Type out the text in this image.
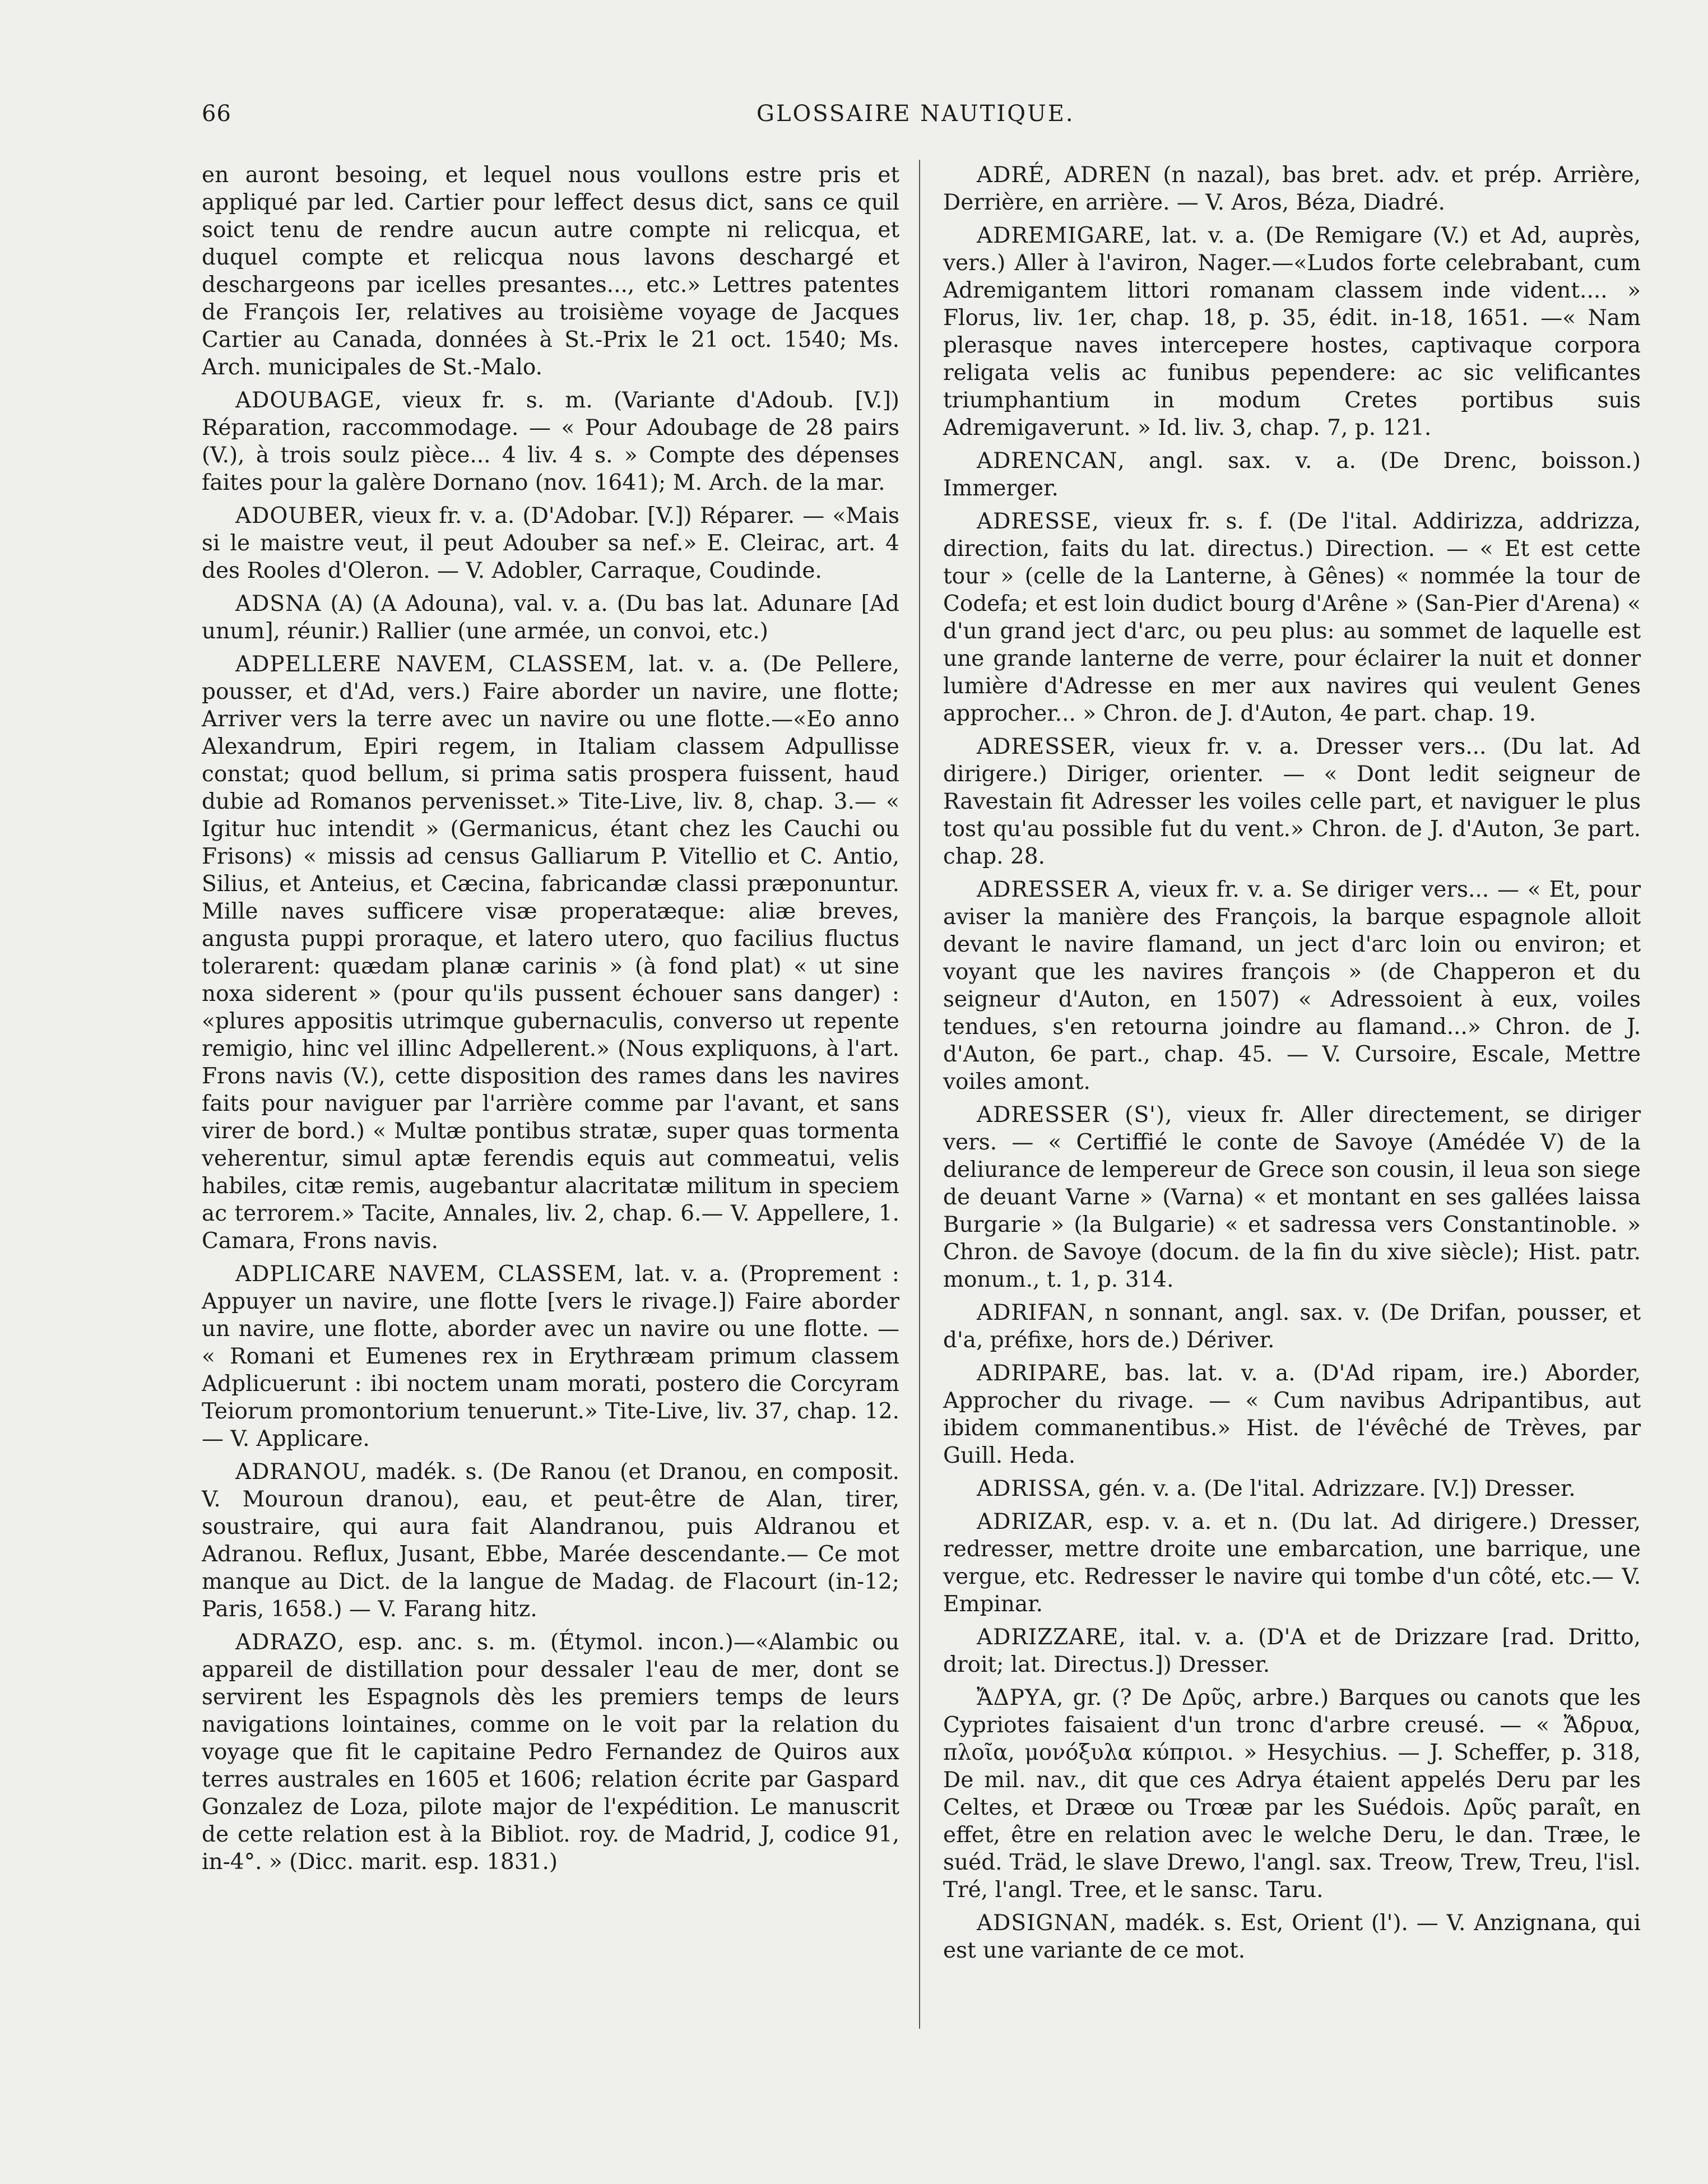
66	GLOSSAIRE NAUTIQUE.

en auront besoing, et lequel nous voullons estre pris et appliqué par led. Cartier pour leffect desus dict, sans ce quil soict tenu de rendre aucun autre compte ni relicqua, et duquel compte et relicqua nous lavons deschargé et deschargeons par icelles presantes..., etc.» Lettres patentes de François Ier, relatives au troisième voyage de Jacques Cartier au Canada, données à St.-Prix le 21 oct. 1540; Ms. Arch. municipales de St.-Malo.

ADOUBAGE, vieux fr. s. m. (Variante d'Adoub. [V.]) Réparation, raccommodage. — « Pour Adoubage de 28 pairs (V.), à trois soulz pièce... 4 liv. 4 s. » Compte des dépenses faites pour la galère Dornano (nov. 1641); M. Arch. de la mar.

ADOUBER, vieux fr. v. a. (D'Adobar. [V.]) Réparer. — «Mais si le maistre veut, il peut Adouber sa nef.» E. Cleirac, art. 4 des Rooles d'Oleron. — V. Adobler, Carraque, Coudinde.

ADSNA (A) (A Adouna), val. v. a. (Du bas lat. Adunare [Ad unum], réunir.) Rallier (une armée, un convoi, etc.)

ADPELLERE NAVEM, CLASSEM, lat. v. a. (De Pellere, pousser, et d'Ad, vers.) Faire aborder un navire, une flotte; Arriver vers la terre avec un navire ou une flotte.—«Eo anno Alexandrum, Epiri regem, in Italiam classem Adpullisse constat; quod bellum, si prima satis prospera fuissent, haud dubie ad Romanos pervenisset.» Tite-Live, liv. 8, chap. 3.— « Igitur huc intendit » (Germanicus, étant chez les Cauchi ou Frisons) « missis ad census Galliarum P. Vitellio et C. Antio, Silius, et Anteius, et Cæcina, fabricandæ classi præponuntur. Mille naves sufficere visæ properatæque: aliæ breves, angusta puppi proraque, et latero utero, quo facilius fluctus tolerarent: quædam planæ carinis » (à fond plat) « ut sine noxa siderent » (pour qu'ils pussent échouer sans danger) : «plures appositis utrimque gubernaculis, converso ut repente remigio, hinc vel illinc Adpellerent.» (Nous expliquons, à l'art. Frons navis (V.), cette disposition des rames dans les navires faits pour naviguer par l'arrière comme par l'avant, et sans virer de bord.) « Multæ pontibus stratæ, super quas tormenta veherentur, simul aptæ ferendis equis aut commeatui, velis habiles, citæ remis, augebantur alacritatæ militum in speciem ac terrorem.» Tacite, Annales, liv. 2, chap. 6.— V. Appellere, 1. Camara, Frons navis.

ADPLICARE NAVEM, CLASSEM, lat. v. a. (Proprement : Appuyer un navire, une flotte [vers le rivage.]) Faire aborder un navire, une flotte, aborder avec un navire ou une flotte. — « Romani et Eumenes rex in Erythræam primum classem Adplicuerunt : ibi noctem unam morati, postero die Corcyram Teiorum promontorium tenuerunt.» Tite-Live, liv. 37, chap. 12. — V. Applicare.

ADRANOU, madék. s. (De Ranou (et Dranou, en composit. V. Mouroun dranou), eau, et peut-être de Alan, tirer, soustraire, qui aura fait Alandranou, puis Aldranou et Adranou. Reflux, Jusant, Ebbe, Marée descendante.— Ce mot manque au Dict. de la langue de Madag. de Flacourt (in-12; Paris, 1658.) — V. Farang hitz.

ADRAZO, esp. anc. s. m. (Étymol. incon.)—«Alambic ou appareil de distillation pour dessaler l'eau de mer, dont se servirent les Espagnols dès les premiers temps de leurs navigations lointaines, comme on le voit par la relation du voyage que fit le capitaine Pedro Fernandez de Quiros aux terres australes en 1605 et 1606; relation écrite par Gaspard Gonzalez de Loza, pilote major de l'expédition. Le manuscrit de cette relation est à la Bibliot. roy. de Madrid, J, codice 91, in-4°. » (Dicc. marit. esp. 1831.)

ADRÉ, ADREN (n nazal), bas bret. adv. et prép. Arrière, Derrière, en arrière. — V. Aros, Béza, Diadré.

ADREMIGARE, lat. v. a. (De Remigare (V.) et Ad, auprès, vers.) Aller à l'aviron, Nager.—«Ludos forte celebrabant, cum Adremigantem littori romanam classem inde vident.... » Florus, liv. 1er, chap. 18, p. 35, édit. in-18, 1651. —« Nam plerasque naves intercepere hostes, captivaque corpora religata velis ac funibus pependere: ac sic velificantes triumphantium in modum Cretes portibus suis Adremigaverunt. » Id. liv. 3, chap. 7, p. 121.

ADRENCAN, angl. sax. v. a. (De Drenc, boisson.) Immerger.

ADRESSE, vieux fr. s. f. (De l'ital. Addirizza, addrizza, direction, faits du lat. directus.) Direction. — « Et est cette tour » (celle de la Lanterne, à Gênes) « nommée la tour de Codefa; et est loin dudict bourg d'Arêne » (San-Pier d'Arena) « d'un grand ject d'arc, ou peu plus: au sommet de laquelle est une grande lanterne de verre, pour éclairer la nuit et donner lumière d'Adresse en mer aux navires qui veulent Genes approcher... » Chron. de J. d'Auton, 4e part. chap. 19.

ADRESSER, vieux fr. v. a. Dresser vers... (Du lat. Ad dirigere.) Diriger, orienter. — « Dont ledit seigneur de Ravestain fit Adresser les voiles celle part, et naviguer le plus tost qu'au possible fut du vent.» Chron. de J. d'Auton, 3e part. chap. 28.

ADRESSER A, vieux fr. v. a. Se diriger vers... — « Et, pour aviser la manière des François, la barque espagnole alloit devant le navire flamand, un ject d'arc loin ou environ; et voyant que les navires françois » (de Chapperon et du seigneur d'Auton, en 1507) « Adressoient à eux, voiles tendues, s'en retourna joindre au flamand...» Chron. de J. d'Auton, 6e part., chap. 45. — V. Cursoire, Escale, Mettre voiles amont.

ADRESSER (S'), vieux fr. Aller directement, se diriger vers. — « Certiffié le conte de Savoye (Amédée V) de la deliurance de lempereur de Grece son cousin, il leua son siege de deuant Varne » (Varna) « et montant en ses gallées laissa Burgarie » (la Bulgarie) « et sadressa vers Constantinoble. » Chron. de Savoye (docum. de la fin du xive siècle); Hist. patr. monum., t. 1, p. 314.

ADRIFAN, n sonnant, angl. sax. v. (De Drifan, pousser, et d'a, préfixe, hors de.) Dériver.

ADRIPARE, bas. lat. v. a. (D'Ad ripam, ire.) Aborder, Approcher du rivage. — « Cum navibus Adripantibus, aut ibidem commanentibus.» Hist. de l'évêché de Trèves, par Guill. Heda.

ADRISSA, gén. v. a. (De l'ital. Adrizzare. [V.]) Dresser.

ADRIZAR, esp. v. a. et n. (Du lat. Ad dirigere.) Dresser, redresser, mettre droite une embarcation, une barrique, une vergue, etc. Redresser le navire qui tombe d'un côté, etc.— V. Empinar.

ADRIZZARE, ital. v. a. (D'A et de Drizzare [rad. Dritto, droit; lat. Directus.]) Dresser.

ἌΔΡΥΑ, gr. (? De Δρῦς, arbre.) Barques ou canots que les Cypriotes faisaient d'un tronc d'arbre creusé. — « Ἄδρυα, πλοῖα, μονόξυλα κύπριοι. » Hesychius. — J. Scheffer, p. 318, De mil. nav., dit que ces Adrya étaient appelés Deru par les Celtes, et Dræœ ou Trœæ par les Suédois. Δρῦς paraît, en effet, être en relation avec le welche Deru, le dan. Træe, le suéd. Träd, le slave Drewo, l'angl. sax. Treow, Trew, Treu, l'isl. Tré, l'angl. Tree, et le sansc. Taru.

ADSIGNAN, madék. s. Est, Orient (l'). — V. Anzignana, qui est une variante de ce mot.
